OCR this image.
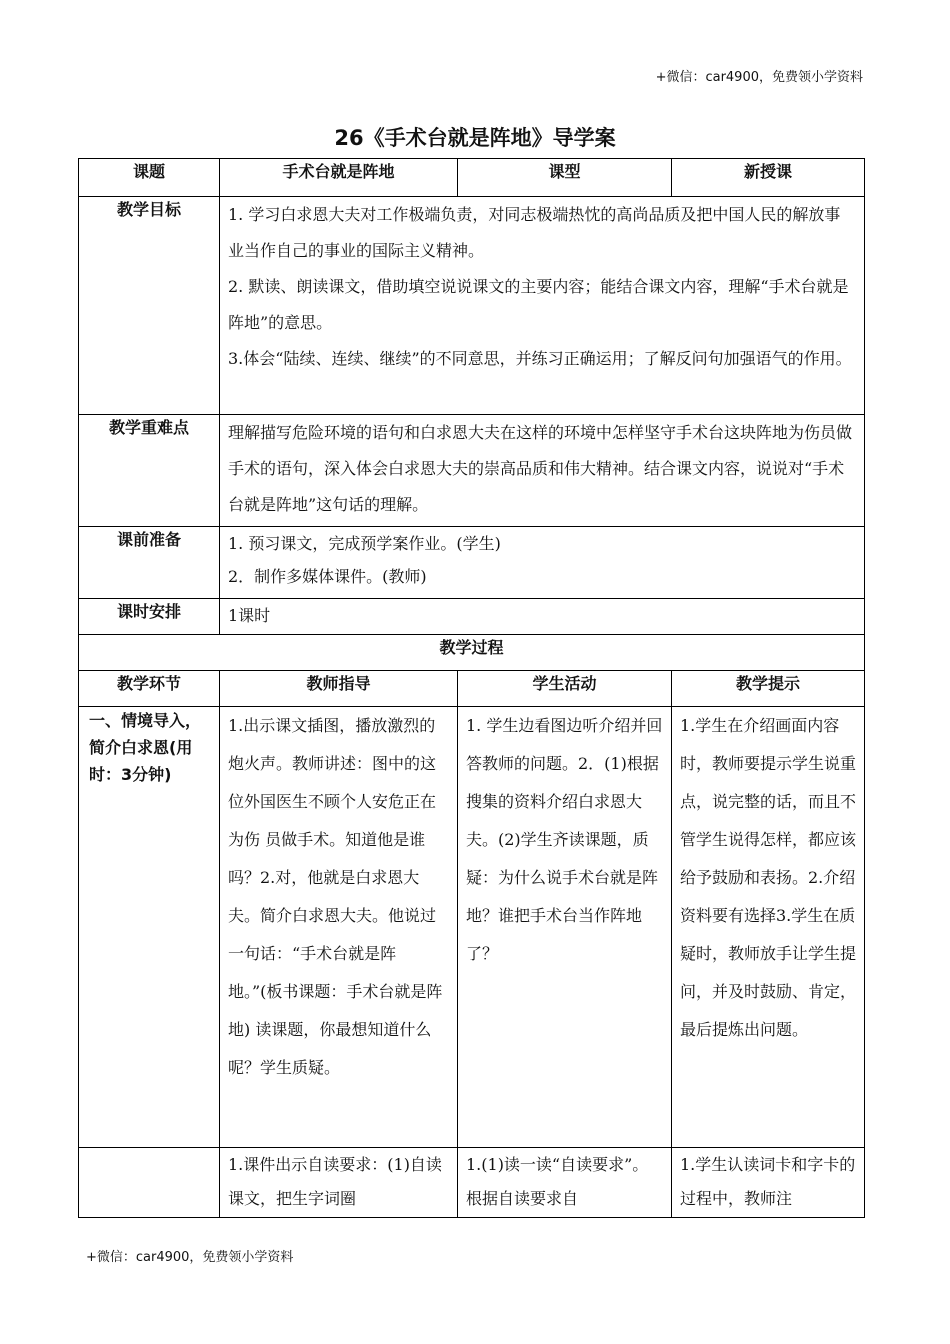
+微信：car4900，免费领小学资料
26《手术台就是阵地》导学案
课题	手术台就是阵地	课型	新授课
教学目标	1. 学习白求恩大夫对工作极端负责，对同志极端热忱的高尚品质及把中国人民的解放事业当作自己的事业的国际主义精神。
2. 默读、朗读课文，借助填空说说课文的主要内容；能结合课文内容，理解“手术台就是阵地”的意思。
3.体会“陆续、连续、继续”的不同意思，并练习正确运用；了解反问句加强语气的作用。		

教学重难点	理解描写危险环境的语句和白求恩大夫在这样的环境中怎样坚守手术台这块阵地为伤员做手术的语句，深入体会白求恩大夫的崇高品质和伟大精神。结合课文内容，说说对“手术台就是阵地”这句话的理解。		
课前准备	1. 预习课文，完成预学案作业。(学生)
2．制作多媒体课件。(教师)		

课时安排	1课时		
教学过程			
教学环节	教师指导	学生活动	教学提示
一、情境导入，简介白求恩(用时：3分钟)	1.出示课文插图，播放激烈的炮火声。教师讲述：图中的这位外国医生不顾个人安危正在为伤 员做手术。知道他是谁吗？2.对，他就是白求恩大夫。简介白求恩大夫。他说过一句话：“手术台就是阵地。”(板书课题：手术台就是阵地) 读课题，你最想知道什么呢？学生质疑。	1. 学生边看图边听介绍并回答教师的问题。2．(1)根据搜集的资料介绍白求恩大夫。(2)学生齐读课题，质疑：为什么说手术台就是阵地？谁把手术台当作阵地了？	1.学生在介绍画面内容时，教师要提示学生说重点，说完整的话，而且不管学生说得怎样，都应该给予鼓励和表扬。2.介绍资料要有选择3.学生在质疑时，教师放手让学生提问，并及时鼓励、肯定，最后提炼出问题。

	1.课件出示自读要求：(1)自读课文，把生字词圈	1.(1)读一读“自读要求”。根据自读要求自	1.学生认读词卡和字卡的过程中，教师注
+微信：car4900，免费领小学资料
